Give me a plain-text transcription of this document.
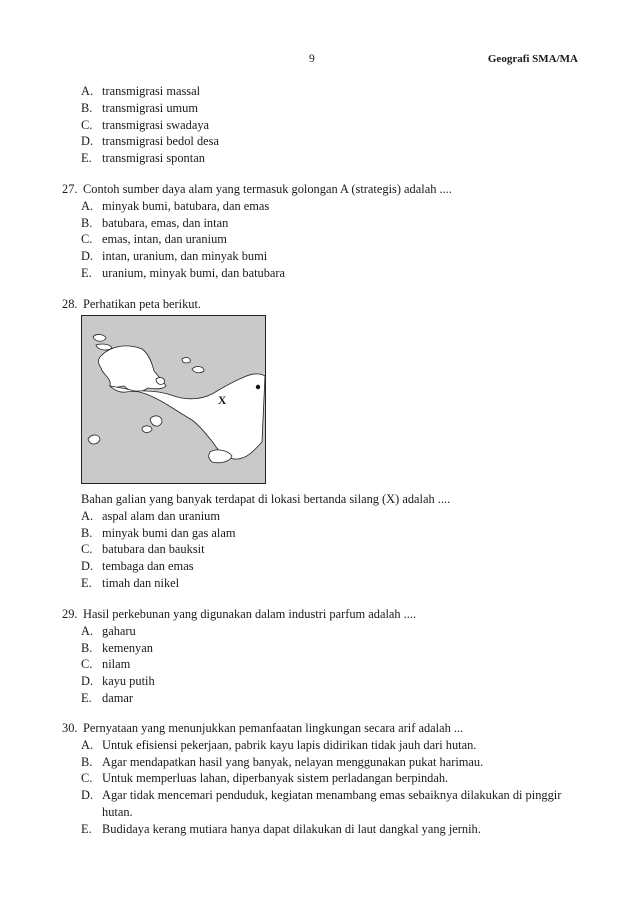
9	Geografi SMA/MA
A. transmigrasi massal
B. transmigrasi umum
C. transmigrasi swadaya
D. transmigrasi bedol desa
E. transmigrasi spontan
27. Contoh sumber daya alam yang termasuk golongan A (strategis) adalah ....
A. minyak bumi, batubara, dan emas
B. batubara, emas, dan intan
C. emas, intan, dan uranium
D. intan, uranium, dan minyak bumi
E. uranium, minyak bumi, dan batubara
28. Perhatikan peta berikut.
X
Bahan galian yang banyak terdapat di lokasi bertanda silang (X) adalah ....
A. aspal alam dan uranium
B. minyak bumi dan gas alam
C. batubara dan bauksit
D. tembaga dan emas
E. timah dan nikel
29. Hasil perkebunan yang digunakan dalam industri parfum adalah ....
A. gaharu
B. kemenyan
C. nilam
D. kayu putih
E. damar
30. Pernyataan yang menunjukkan pemanfaatan lingkungan secara arif adalah ...
A. Untuk efisiensi pekerjaan, pabrik kayu lapis didirikan tidak jauh dari hutan.
B. Agar mendapatkan hasil yang banyak, nelayan menggunakan pukat harimau.
C. Untuk memperluas lahan, diperbanyak sistem perladangan berpindah.
D. Agar tidak mencemari penduduk, kegiatan menambang emas sebaiknya dilakukan di pinggir hutan.
E. Budidaya kerang mutiara hanya dapat dilakukan di laut dangkal yang jernih.
